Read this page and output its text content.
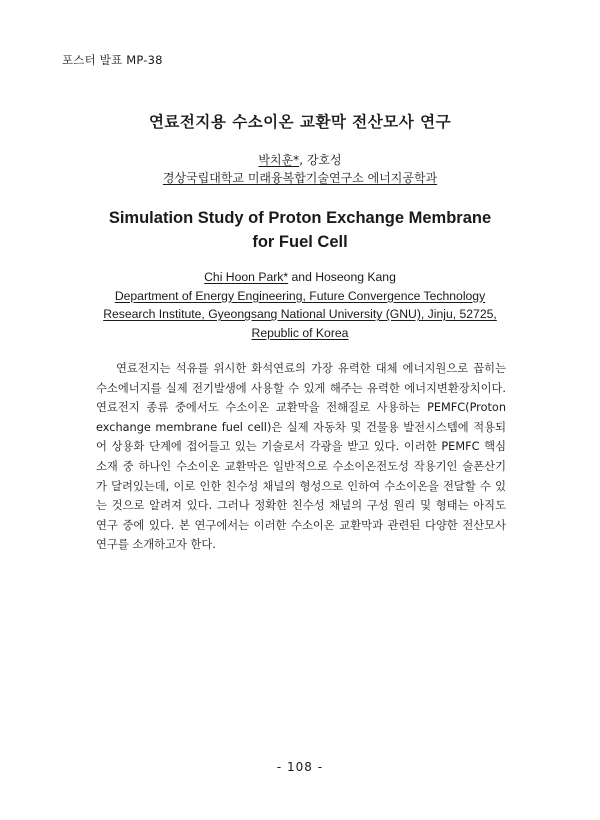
포스터 발표 MP-38
연료전지용 수소이온 교환막 전산모사 연구
박치훈*, 강호성
경상국립대학교 미래융복합기술연구소 에너지공학과
Simulation Study of Proton Exchange Membrane for Fuel Cell
Chi Hoon Park* and Hoseong Kang
Department of Energy Engineering, Future Convergence Technology Research Institute, Gyeongsang National University (GNU), Jinju, 52725, Republic of Korea

연료전지는 석유를 위시한 화석연료의 가장 유력한 대체 에너지원으로 꼽히는 수소에너지를 실제 전기발생에 사용할 수 있게 해주는 유력한 에너지변환장치이다. 연료전지 종류 중에서도 수소이온 교환막을 전해질로 사용하는 PEMFC(Proton exchange membrane fuel cell)은 실제 자동차 및 건물용 발전시스템에 적용되어 상용화 단계에 접어들고 있는 기술로서 각광을 받고 있다. 이러한 PEMFC 핵심 소재 중 하나인 수소이온 교환막은 일반적으로 수소이온전도성 작용기인 술폰산기가 달려있는데, 이로 인한 친수성 채널의 형성으로 인하여 수소이온을 전달할 수 있는 것으로 알려져 있다. 그러나 정확한 친수성 채널의 구성 원리 및 형태는 아직도 연구 중에 있다. 본 연구에서는 이러한 수소이온 교환막과 관련된 다양한 전산모사 연구를 소개하고자 한다.

- 108 -
